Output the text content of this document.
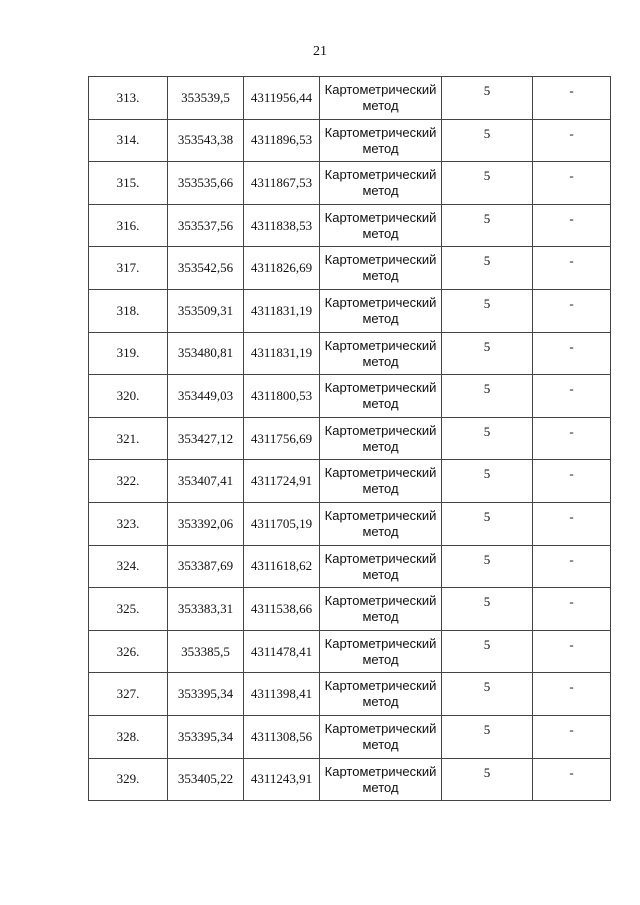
21
313.	353539,5	4311956,44	Картометрический метод	5	-
314.	353543,38	4311896,53	Картометрический метод	5	-
315.	353535,66	4311867,53	Картометрический метод	5	-
316.	353537,56	4311838,53	Картометрический метод	5	-
317.	353542,56	4311826,69	Картометрический метод	5	-
318.	353509,31	4311831,19	Картометрический метод	5	-
319.	353480,81	4311831,19	Картометрический метод	5	-
320.	353449,03	4311800,53	Картометрический метод	5	-
321.	353427,12	4311756,69	Картометрический метод	5	-
322.	353407,41	4311724,91	Картометрический метод	5	-
323.	353392,06	4311705,19	Картометрический метод	5	-
324.	353387,69	4311618,62	Картометрический метод	5	-
325.	353383,31	4311538,66	Картометрический метод	5	-
326.	353385,5	4311478,41	Картометрический метод	5	-
327.	353395,34	4311398,41	Картометрический метод	5	-
328.	353395,34	4311308,56	Картометрический метод	5	-
329.	353405,22	4311243,91	Картометрический метод	5	-
